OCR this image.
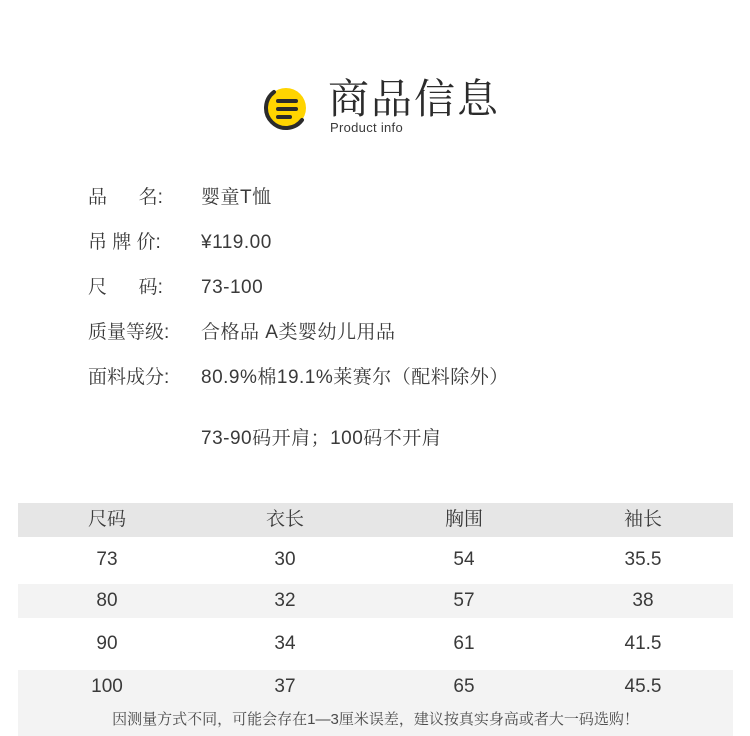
商品信息
Product info
品      名: 婴童T恤
吊 牌 价: ¥119.00
尺      码: 73-100
质量等级: 合格品 A类婴幼儿用品
面料成分: 80.9%棉19.1%莱赛尔（配料除外）
73-90码开肩；100码不开肩
尺码	衣长	胸围	袖长
73	30	54	35.5
80	32	57	38
90	34	61	41.5
100	37	65	45.5
因测量方式不同，可能会存在1—3厘米误差，建议按真实身高或者大一码选购！
